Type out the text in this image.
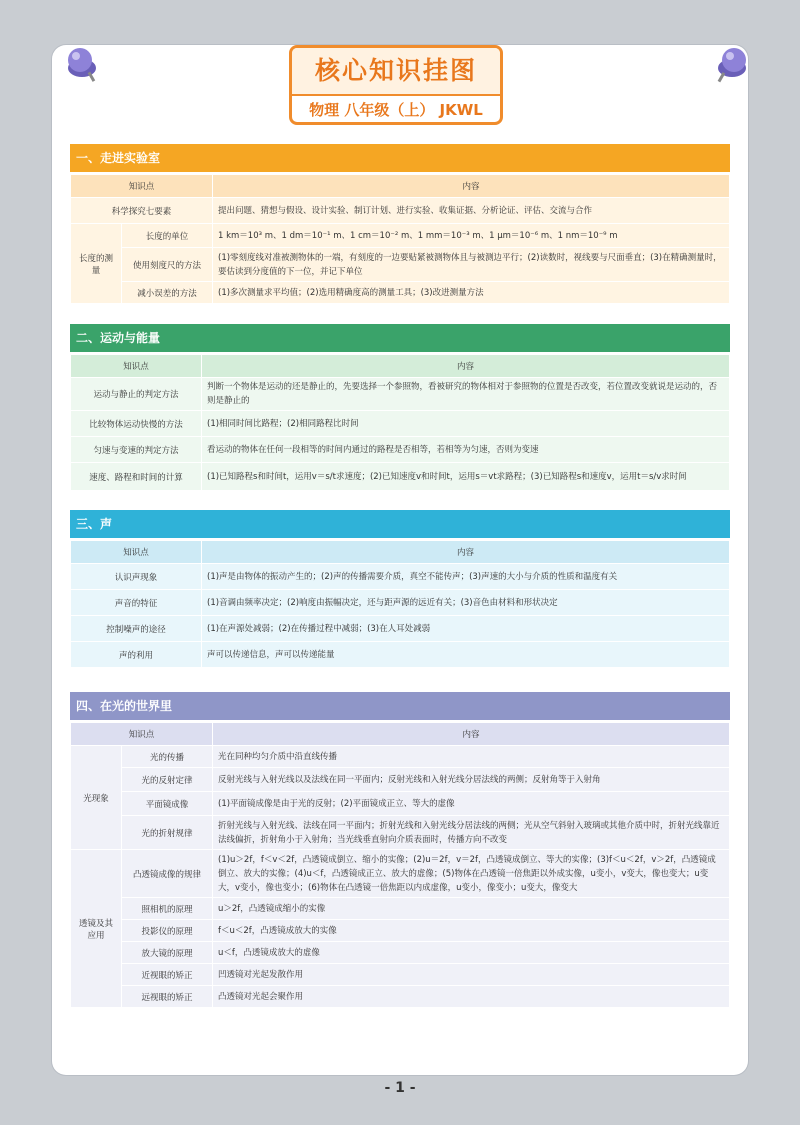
核心知识挂图
物理 八年级（上） JKWL
一、走进实验室
知识点		内容
科学探究七要素		提出问题、猜想与假设、设计实验、制订计划、进行实验、收集证据、分析论证、评估、交流与合作
长度的测量	长度的单位	1 km＝10³ m、1 dm＝10⁻¹ m、1 cm＝10⁻² m、1 mm＝10⁻³ m、1 μm＝10⁻⁶ m、1 nm＝10⁻⁹ m
	使用刻度尺的方法	(1)零刻度线对准被测物体的一端，有刻度的一边要贴紧被测物体且与被测边平行；(2)读数时，视线要与尺面垂直；(3)在精确测量时，要估读到分度值的下一位，并记下单位
	减小误差的方法	(1)多次测量求平均值；(2)选用精确度高的测量工具；(3)改进测量方法
二、运动与能量
知识点	内容
运动与静止的判定方法	判断一个物体是运动的还是静止的，先要选择一个参照物，看被研究的物体相对于参照物的位置是否改变，若位置改变就说是运动的，否则是静止的
比较物体运动快慢的方法	(1)相同时间比路程；(2)相同路程比时间
匀速与变速的判定方法	看运动的物体在任何一段相等的时间内通过的路程是否相等，若相等为匀速，否则为变速
速度、路程和时间的计算	(1)已知路程s和时间t，运用v＝s/t求速度；(2)已知速度v和时间t，运用s＝vt求路程；(3)已知路程s和速度v，运用t＝s/v求时间
三、声
知识点	内容
认识声现象	(1)声是由物体的振动产生的；(2)声的传播需要介质，真空不能传声；(3)声速的大小与介质的性质和温度有关
声音的特征	(1)音调由频率决定；(2)响度由振幅决定，还与距声源的远近有关；(3)音色由材料和形状决定
控制噪声的途径	(1)在声源处减弱；(2)在传播过程中减弱；(3)在人耳处减弱
声的利用	声可以传递信息，声可以传递能量
四、在光的世界里
知识点		内容
光现象	光的传播	光在同种均匀介质中沿直线传播
	光的反射定律	反射光线与入射光线以及法线在同一平面内；反射光线和入射光线分居法线的两侧；反射角等于入射角
	平面镜成像	(1)平面镜成像是由于光的反射；(2)平面镜成正立、等大的虚像
	光的折射规律	折射光线与入射光线、法线在同一平面内；折射光线和入射光线分居法线的两侧；光从空气斜射入玻璃或其他介质中时，折射光线靠近法线偏折，折射角小于入射角；当光线垂直射向介质表面时，传播方向不改变
透镜及其应用	凸透镜成像的规律	(1)u＞2f，f＜v＜2f，凸透镜成倒立、缩小的实像；(2)u＝2f，v＝2f，凸透镜成倒立、等大的实像；(3)f＜u＜2f，v＞2f，凸透镜成倒立、放大的实像；(4)u＜f，凸透镜成正立、放大的虚像；(5)物体在凸透镜一倍焦距以外成实像，u变小，v变大，像也变大；u变大，v变小，像也变小；(6)物体在凸透镜一倍焦距以内成虚像，u变小，像变小；u变大，像变大
	照相机的原理	u＞2f，凸透镜成缩小的实像
	投影仪的原理	f＜u＜2f，凸透镜成放大的实像
	放大镜的原理	u＜f，凸透镜成放大的虚像
	近视眼的矫正	凹透镜对光起发散作用
	远视眼的矫正	凸透镜对光起会聚作用
- 1 -
